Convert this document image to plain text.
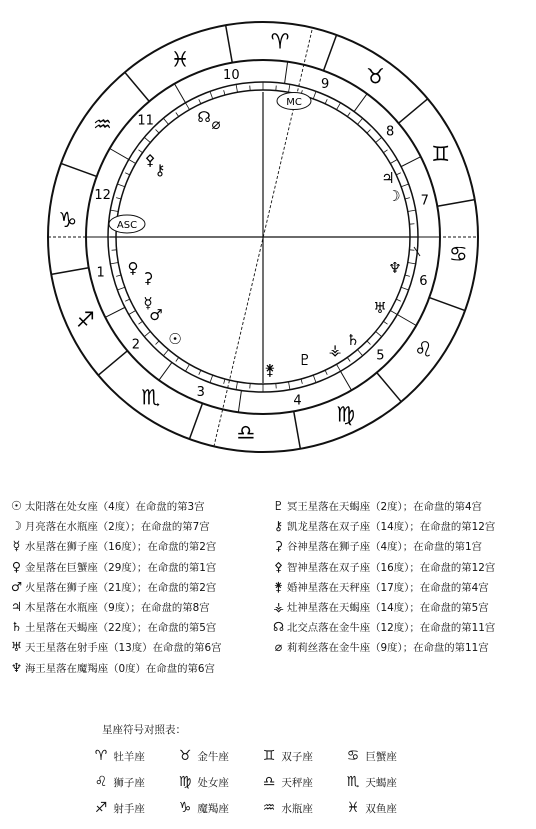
♈
♓
♒
♑
♐
♏
♎
♍
♌
♋
♊
♉
1
2
3
4
5
6
7
8
9
10
11
12
☊ ⌀
⚴
⚷
♀
⚳
☿
♂
☉
⚵
♇
⚶
♄
♅
♆
♃
☽
ASC
MC
☉ 太阳落在处女座（4度）在命盘的第3宫
☽ 月亮落在水瓶座（2度）；在命盘的第7宫
☿ 水星落在狮子座（16度）；在命盘的第2宫
♀ 金星落在巨蟹座（29度）；在命盘的第1宫
♂ 火星落在狮子座（21度）；在命盘的第2宫
♃ 木星落在水瓶座（9度）；在命盘的第8宫
♄ 土星落在天蝎座（22度）；在命盘的第5宫
♅ 天王星落在射手座（13度）在命盘的第6宫
♆ 海王星落在魔羯座（0度）在命盘的第6宫
♇ 冥王星落在天蝎座（2度）；在命盘的第4宫
⚷ 凯龙星落在双子座（14度）；在命盘的第12宫
⚳ 谷神星落在狮子座（4度）；在命盘的第1宫
⚴ 智神星落在双子座（16度）；在命盘的第12宫
⚵ 婚神星落在天秤座（17度）；在命盘的第4宫
⚶ 灶神星落在天蝎座（14度）；在命盘的第5宫
☊ 北交点落在金牛座（12度）；在命盘的第11宫
⌀ 莉莉丝落在金牛座（9度）；在命盘的第11宫
星座符号对照表：
♈ 牡羊座 ♉ 金牛座 ♊ 双子座 ♋ 巨蟹座
♌ 狮子座 ♍ 处女座 ♎ 天秤座 ♏ 天蝎座
♐ 射手座 ♑ 魔羯座 ♒ 水瓶座 ♓ 双鱼座
